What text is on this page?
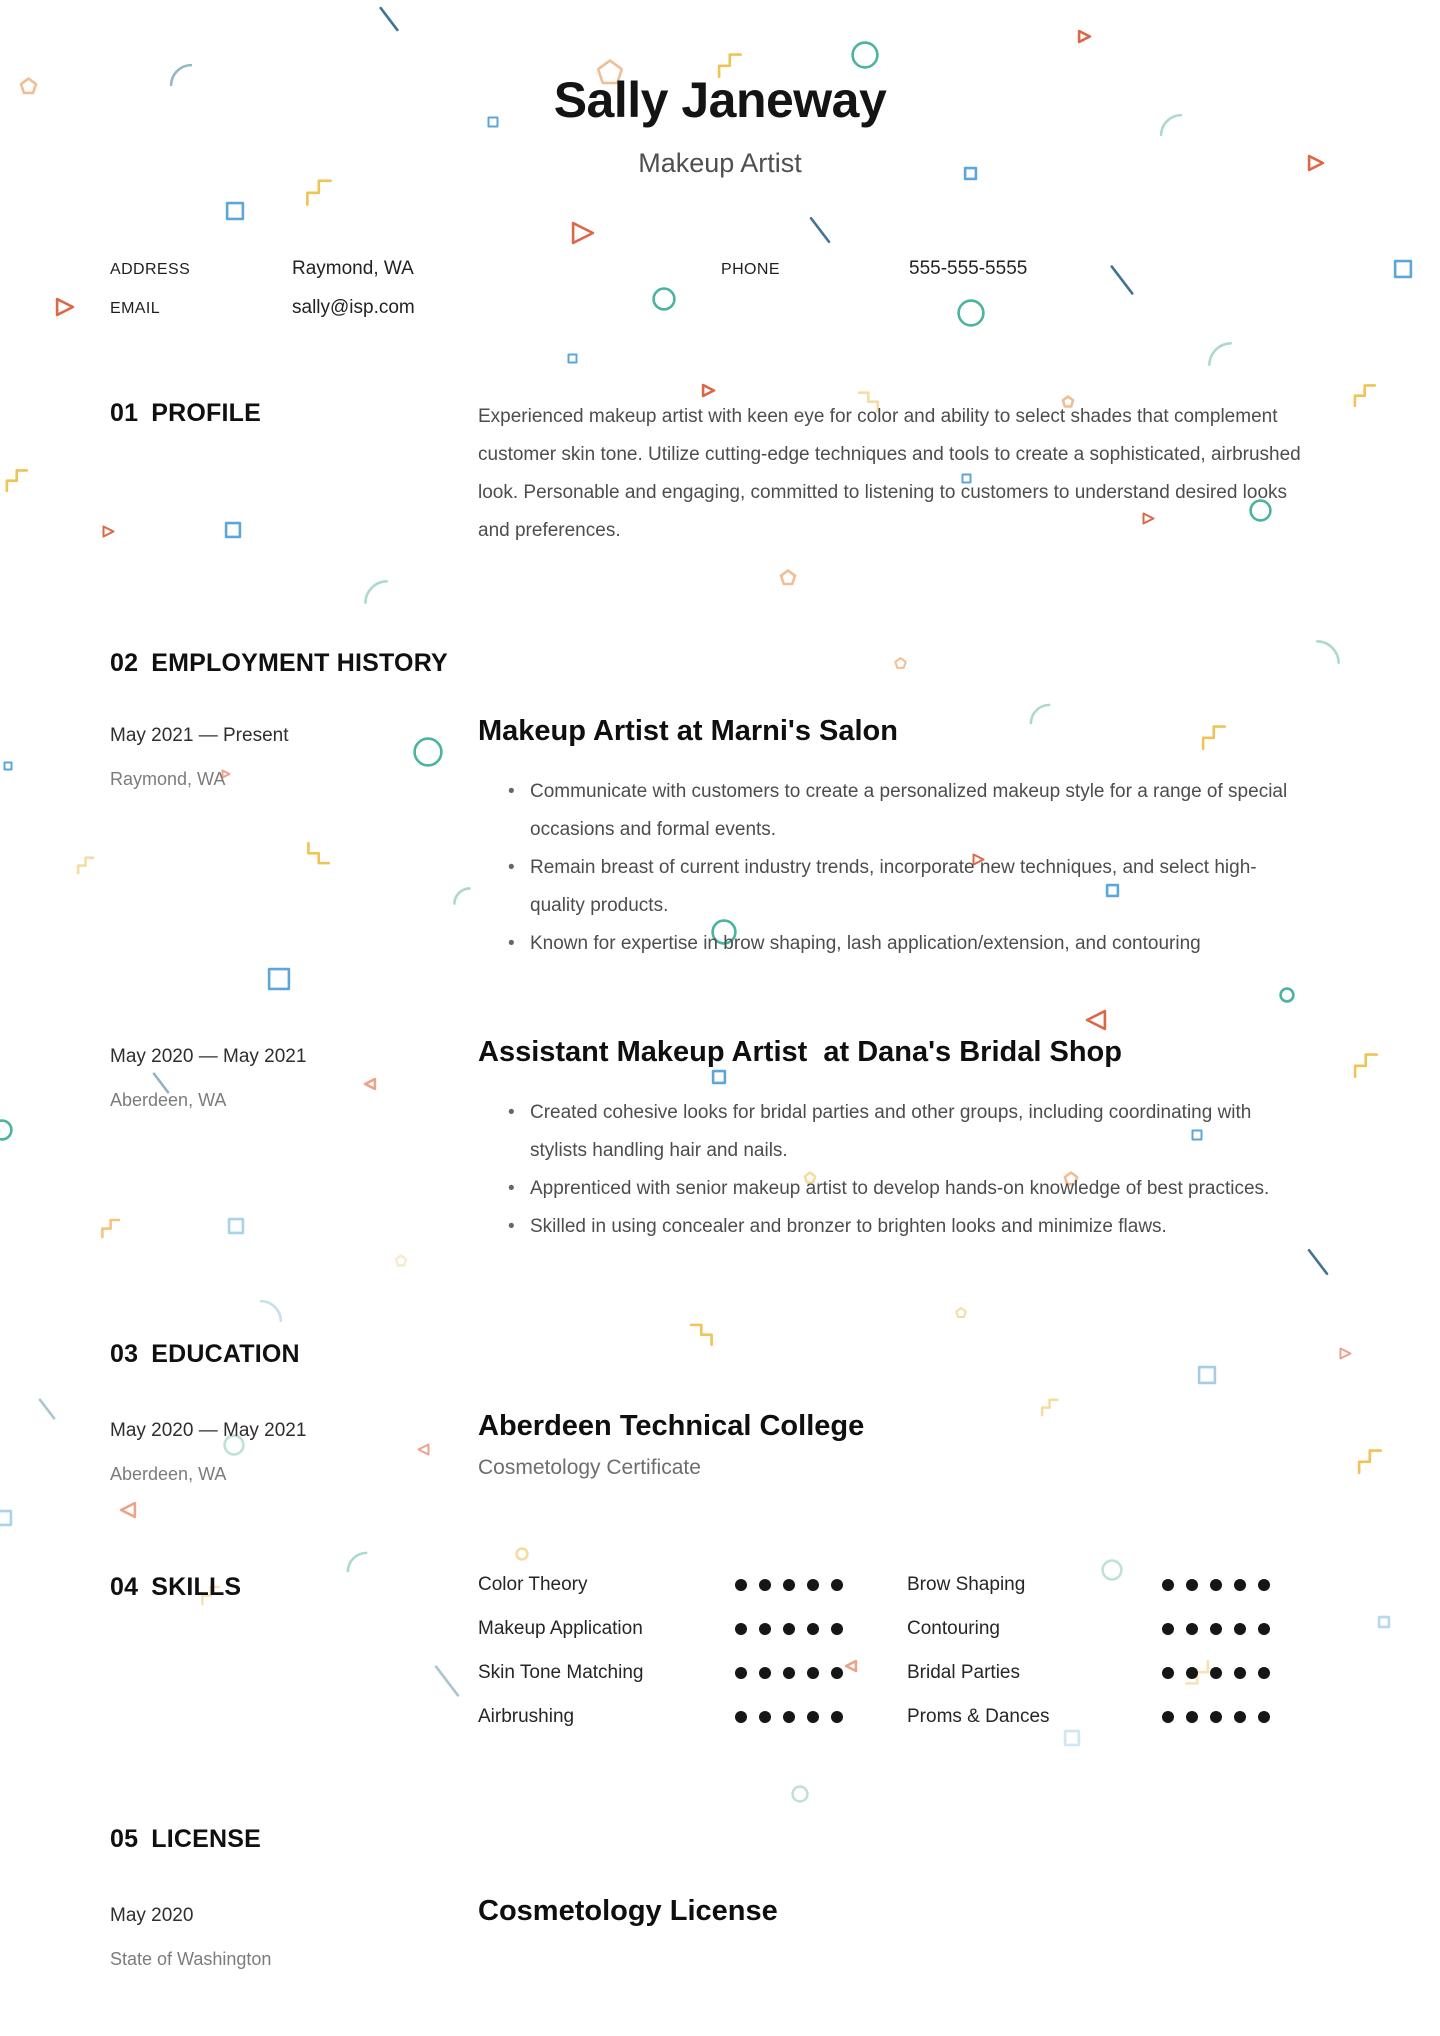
Sally Janeway
Makeup Artist
ADDRESS	Raymond, WA	PHONE	555-555-5555
EMAIL	sally@isp.com
01 PROFILE	Experienced makeup artist with keen eye for color and ability to select shades that complement customer skin tone. Utilize cutting-edge techniques and tools to create a sophisticated, airbrushed look. Personable and engaging, committed to listening to customers to understand desired looks and preferences.

02 EMPLOYMENT HISTORY
May 2021 — Present
Raymond, WA
Makeup Artist at Marni's Salon
• Communicate with customers to create a personalized makeup style for a range of special occasions and formal events.
• Remain breast of current industry trends, incorporate new techniques, and select high-quality products.
• Known for expertise in brow shaping, lash application/extension, and contouring
May 2020 — May 2021
Aberdeen, WA
Assistant Makeup Artist  at Dana's Bridal Shop
• Created cohesive looks for bridal parties and other groups, including coordinating with stylists handling hair and nails.
• Apprenticed with senior makeup artist to develop hands-on knowledge of best practices.
• Skilled in using concealer and bronzer to brighten looks and minimize flaws.
03 EDUCATION
May 2020 — May 2021
Aberdeen, WA
Aberdeen Technical College
Cosmetology Certificate
04 SKILLS	Color Theory	Brow Shaping
Makeup Application	Contouring
Skin Tone Matching	Bridal Parties
Airbrushing	Proms & Dances
05 LICENSE
May 2020
State of Washington
Cosmetology License
